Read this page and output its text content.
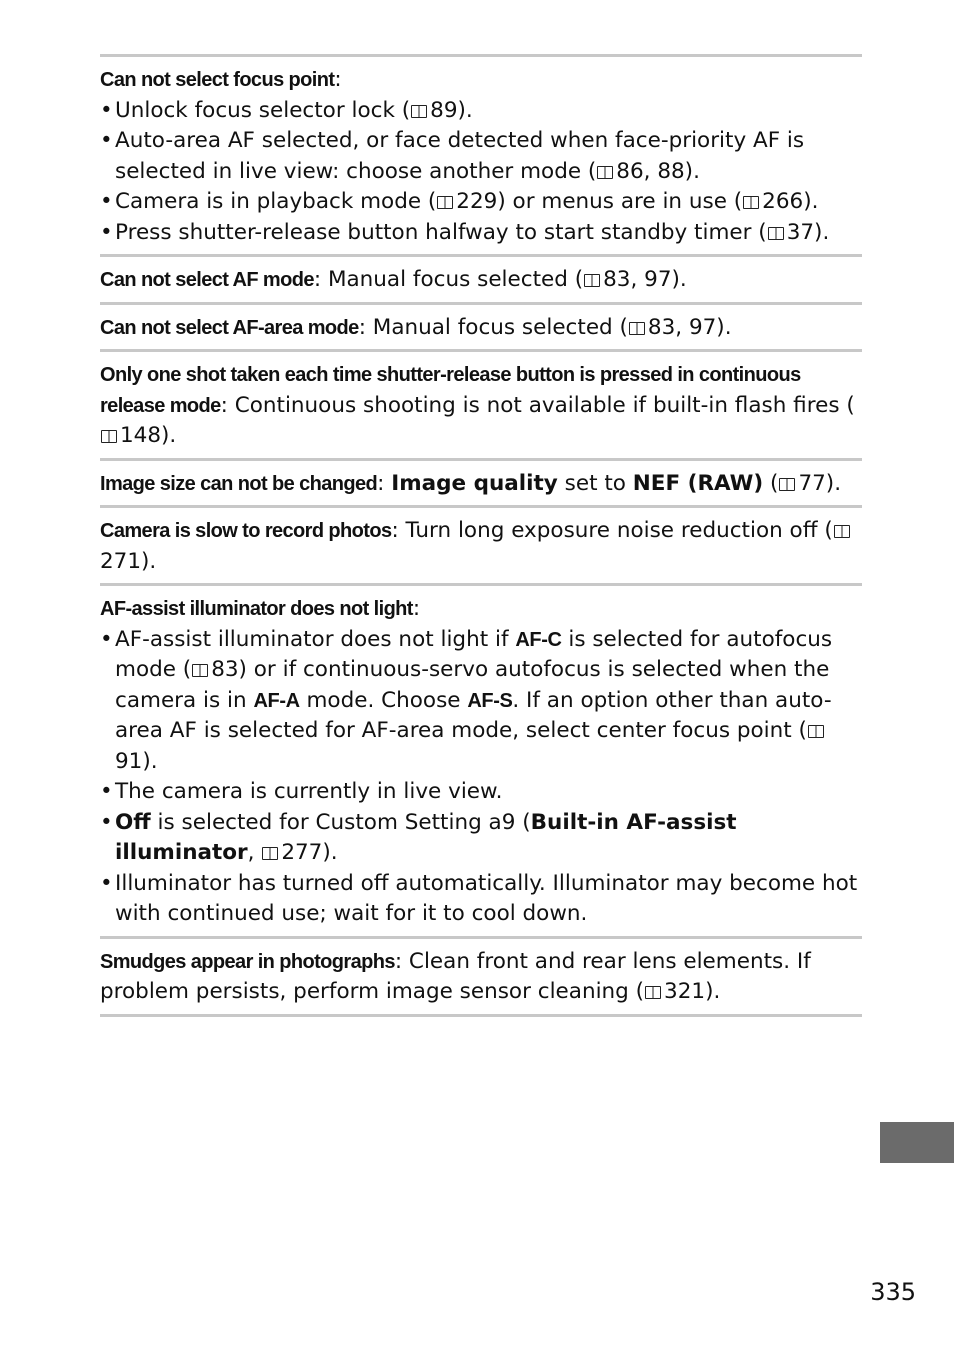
Can not select focus point:
• Unlock focus selector lock ( 89).
• Auto-area AF selected, or face detected when face-priority AF is selected in live view: choose another mode ( 86, 88).
• Camera is in playback mode ( 229) or menus are in use ( 266).
• Press shutter-release button halfway to start standby timer ( 37).
Can not select AF mode: Manual focus selected ( 83, 97).
Can not select AF-area mode: Manual focus selected ( 83, 97).
Only one shot taken each time shutter-release button is pressed in continuous release mode: Continuous shooting is not available if built-in flash fires (
148).
Image size can not be changed: Image quality set to NEF (RAW) ( 77).
Camera is slow to record photos: Turn long exposure noise reduction off (
271).
AF-assist illuminator does not light:
• AF-assist illuminator does not light if AF-C is selected for autofocus mode ( 83) or if continuous-servo autofocus is selected when the camera is in AF-A mode. Choose AF-S. If an option other than auto-area AF is selected for AF-area mode, select center focus point (
91).
• The camera is currently in live view.
• Off is selected for Custom Setting a9 (Built-in AF-assist illuminator,
277).
• Illuminator has turned off automatically. Illuminator may become hot with continued use; wait for it to cool down.
Smudges appear in photographs: Clean front and rear lens elements. If problem persists, perform image sensor cleaning ( 321).
335
